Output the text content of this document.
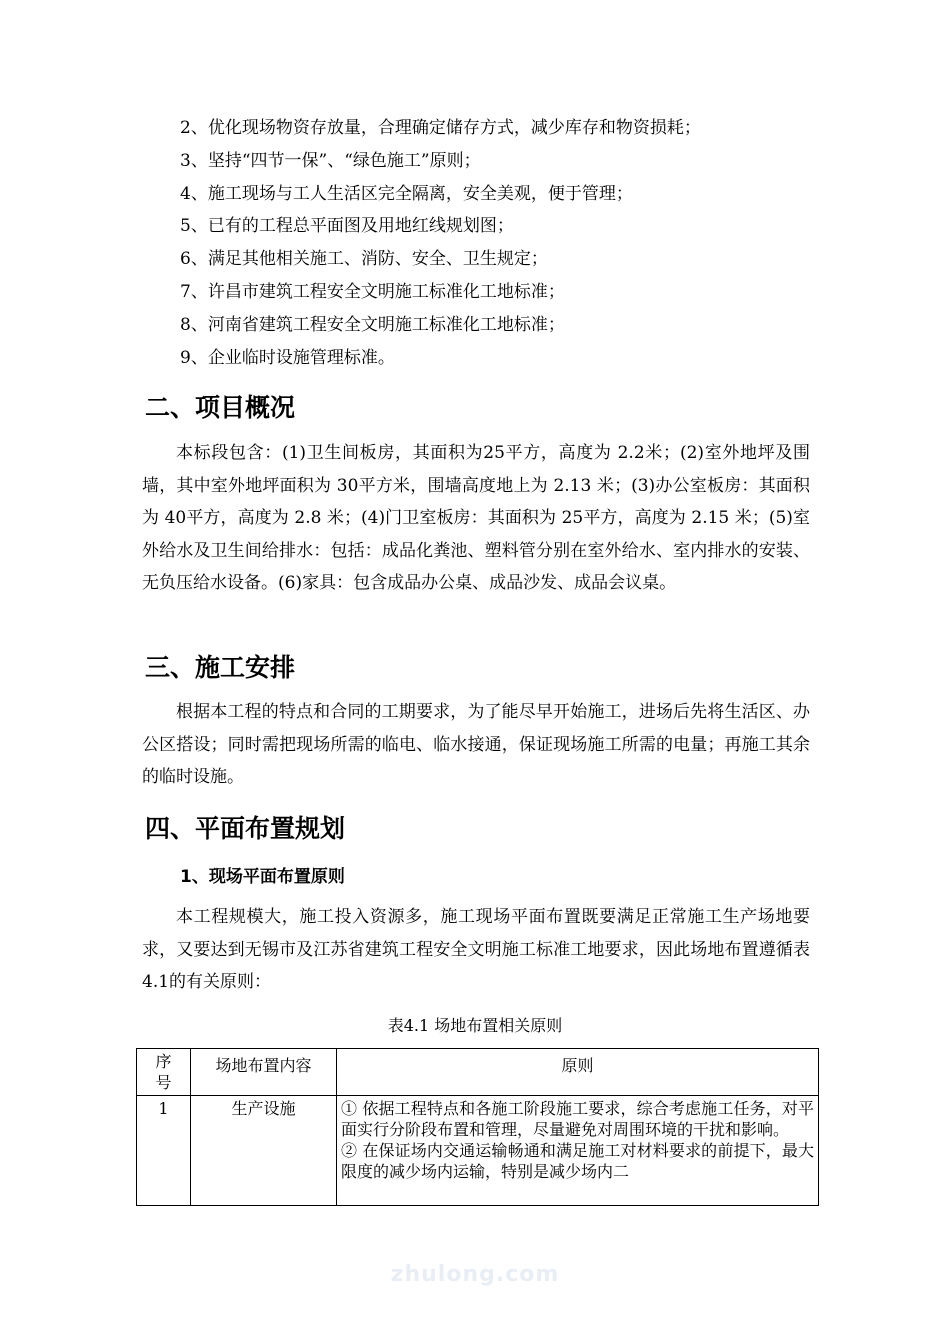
2、优化现场物资存放量，合理确定储存方式，减少库存和物资损耗；
3、坚持“四节一保”、“绿色施工”原则；
4、施工现场与工人生活区完全隔离，安全美观，便于管理；
5、已有的工程总平面图及用地红线规划图；
6、满足其他相关施工、消防、安全、卫生规定；
7、许昌市建筑工程安全文明施工标准化工地标准；
8、河南省建筑工程安全文明施工标准化工地标准；
9、企业临时设施管理标准。
二、项目概况
本标段包含：(1)卫生间板房，其面积为25平方，高度为 2.2米；(2)室外地坪及围墙，其中室外地坪面积为 30平方米，围墙高度地上为 2.13 米；(3)办公室板房：其面积为 40平方，高度为 2.8 米；(4)门卫室板房：其面积为 25平方，高度为 2.15 米；(5)室外给水及卫生间给排水：包括：成品化粪池、塑料管分别在室外给水、室内排水的安装、无负压给水设备。(6)家具：包含成品办公桌、成品沙发、成品会议桌。
三、施工安排
根据本工程的特点和合同的工期要求，为了能尽早开始施工，进场后先将生活区、办公区搭设；同时需把现场所需的临电、临水接通，保证现场施工所需的电量；再施工其余的临时设施。
四、平面布置规划
1、现场平面布置原则
本工程规模大，施工投入资源多，施工现场平面布置既要满足正常施工生产场地要求，又要达到无锡市及江苏省建筑工程安全文明施工标准工地要求，因此场地布置遵循表4.1的有关原则：
表4.1 场地布置相关原则
序号	场地布置内容	原则
1	生产设施	① 依据工程特点和各施工阶段施工要求，综合考虑施工任务，对平面实行分阶段布置和管理，尽量避免对周围环境的干扰和影响。
② 在保证场内交通运输畅通和满足施工对材料要求的前提下，最大限度的减少场内运输，特别是减少场内二
zhulong.com
